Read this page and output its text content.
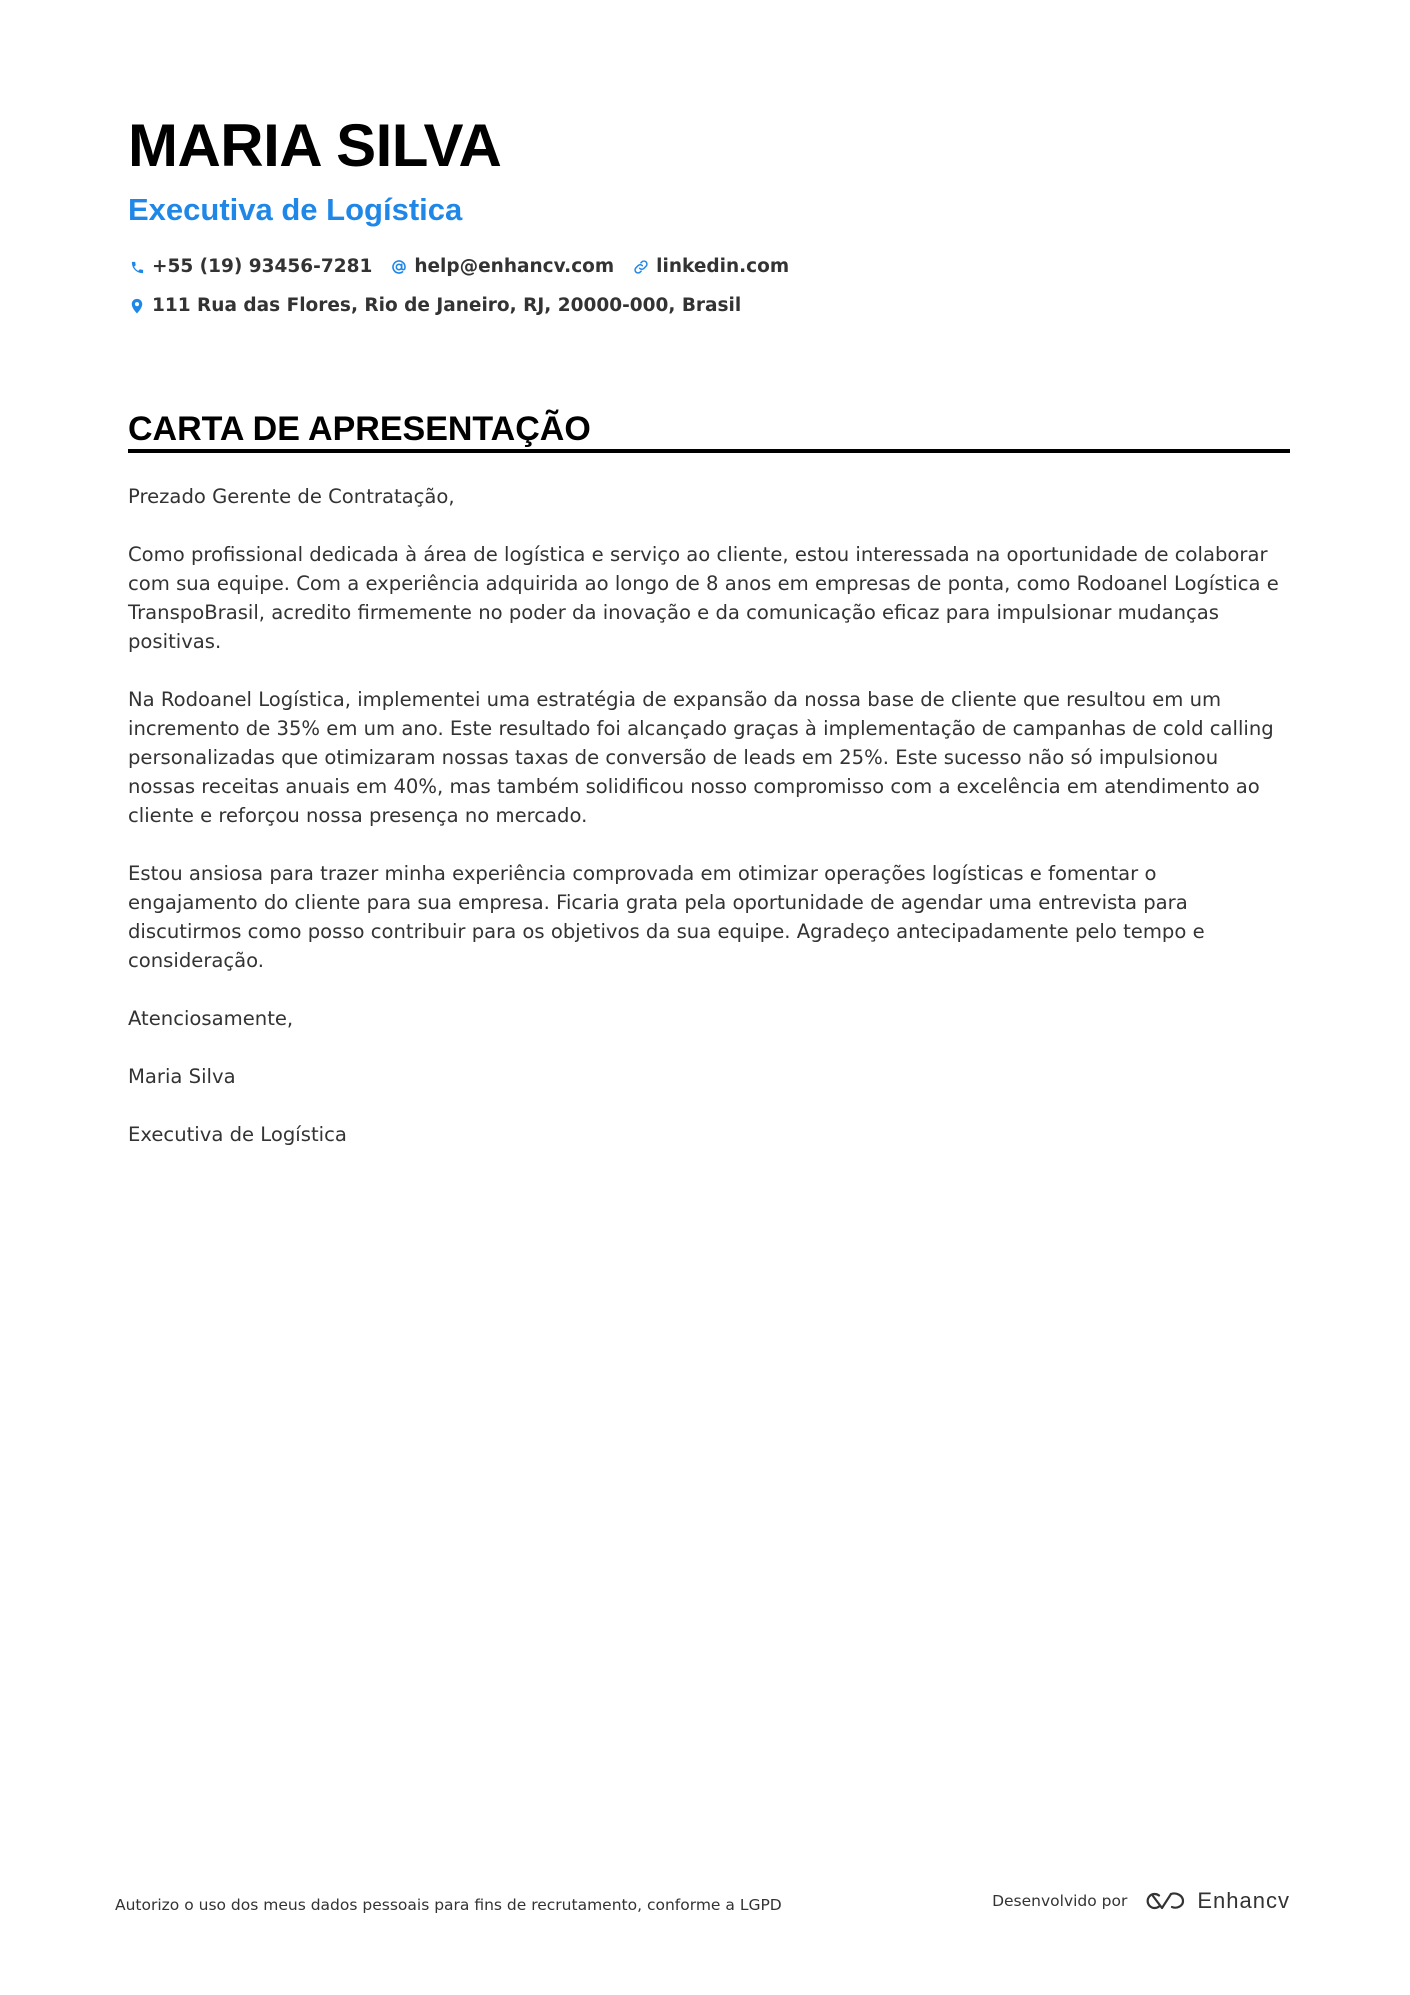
MARIA SILVA
Executiva de Logística
+55 (19) 93456-7281 help@enhancv.com linkedin.com
111 Rua das Flores, Rio de Janeiro, RJ, 20000-000, Brasil
CARTA DE APRESENTAÇÃO

Prezado Gerente de Contratação,

Como profissional dedicada à área de logística e serviço ao cliente, estou interessada na oportunidade de colaborar com sua equipe. Com a experiência adquirida ao longo de 8 anos em empresas de ponta, como Rodoanel Logística e TranspoBrasil, acredito firmemente no poder da inovação e da comunicação eficaz para impulsionar mudanças positivas.

Na Rodoanel Logística, implementei uma estratégia de expansão da nossa base de cliente que resultou em um incremento de 35% em um ano. Este resultado foi alcançado graças à implementação de campanhas de cold calling personalizadas que otimizaram nossas taxas de conversão de leads em 25%. Este sucesso não só impulsionou nossas receitas anuais em 40%, mas também solidificou nosso compromisso com a excelência em atendimento ao cliente e reforçou nossa presença no mercado.

Estou ansiosa para trazer minha experiência comprovada em otimizar operações logísticas e fomentar o engajamento do cliente para sua empresa. Ficaria grata pela oportunidade de agendar uma entrevista para discutirmos como posso contribuir para os objetivos da sua equipe. Agradeço antecipadamente pelo tempo e consideração.

Atenciosamente,

Maria Silva

Executiva de Logística

Autorizo o uso dos meus dados pessoais para fins de recrutamento, conforme a LGPD	Desenvolvido por	Enhancv
